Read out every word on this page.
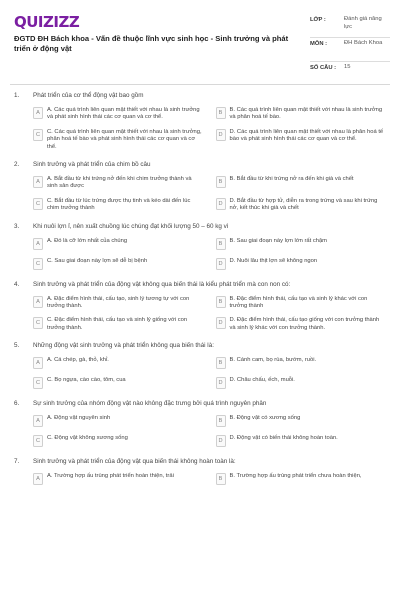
QUIZIZZ
ĐGTD ĐH Bách khoa - Vấn đề thuộc lĩnh vực sinh học - Sinh trưởng và phát triển ở động vật
LỚP :	Đánh giá năng lực
MÔN :	ĐH Bách Khoa
SỐ CÂU : 15
1. Phát triển của cơ thể động vật bao gồm
A	A. Các quá trình liên quan mật thiết với nhau là sinh trưởng và phát sinh hình thái các cơ quan và cơ thể.
B	B. Các quá trình liên quan mật thiết với nhau là sinh trưởng và phân hoá tế bào.
C	C. Các quá trình liên quan mật thiết với nhau là sinh trưởng, phân hoá tế bào và phát sinh hình thái các cơ quan và cơ thể.
D	D. Các quá trình liên quan mật thiết với nhau là phân hoá tế bào và phát sinh hình thái các cơ quan và cơ thể.
2. Sinh trưởng và phát triển của chim bồ câu
A	A. Bắt đầu từ khi trứng nở đến khi chim trưởng thành và sinh sản được
B	B. Bắt đầu từ khi trứng nở ra đến khi già và chết
C	C. Bắt đầu từ lúc trứng được thụ tinh và kéo dài đến lúc chim trưởng thành
D	D. Bắt đầu từ hợp tử, diễn ra trong trứng và sau khi trứng nở, kết thúc khi già và chết
3. Khi nuôi lợn ỉ, nên xuất chuồng lúc chúng đạt khối lượng 50 – 60 kg vì
A	A. Đó là cỡ lớn nhất của chúng	B	B. Sau giai đoạn này lợn lớn rất chậm
C	C. Sau giai đoạn này lợn sẽ dễ bị bệnh	D	D. Nuôi lâu thịt lợn sẽ không ngon
4. Sinh trưởng và phát triển của động vật không qua biến thái là kiểu phát triển mà con non có:
A	A. Đặc điểm hình thái, cấu tạo, sinh lý tương tự với con trưởng thành.
B	B. Đặc điểm hình thái, cấu tạo và sinh lý khác với con trưởng thành
C	C. Đặc điểm hình thái, cấu tạo và sinh lý giống với con trưởng thành.
D	D. Đặc điểm hình thái, cấu tạo giống với con trưởng thành và sinh lý khác với con trưởng thành.
5. Những động vật sinh trưởng và phát triển không qua biến thái là:
A	A. Cá chép, gà, thỏ, khỉ.	B	B. Cánh cam, bọ rùa, bướm, ruồi.
C	C. Bọ ngựa, cào cào, tôm, cua	D	D. Châu chấu, ếch, muỗi.
6. Sự sinh trưởng của nhóm động vật nào không đặc trưng bởi quá trình nguyên phân
A	A. Động vật nguyên sinh	B	B. Động vật có xương sống
C	C. Động vật không xương sống	D	D. Động vật có biến thái không hoàn toàn.
7. Sinh trưởng và phát triển của động vật qua biến thái không hoàn toàn là:
A	A. Trường hợp ấu trùng phát triển hoàn thiện, trải	B	B. Trường hợp ấu trùng phát triển chưa hoàn thiện,
